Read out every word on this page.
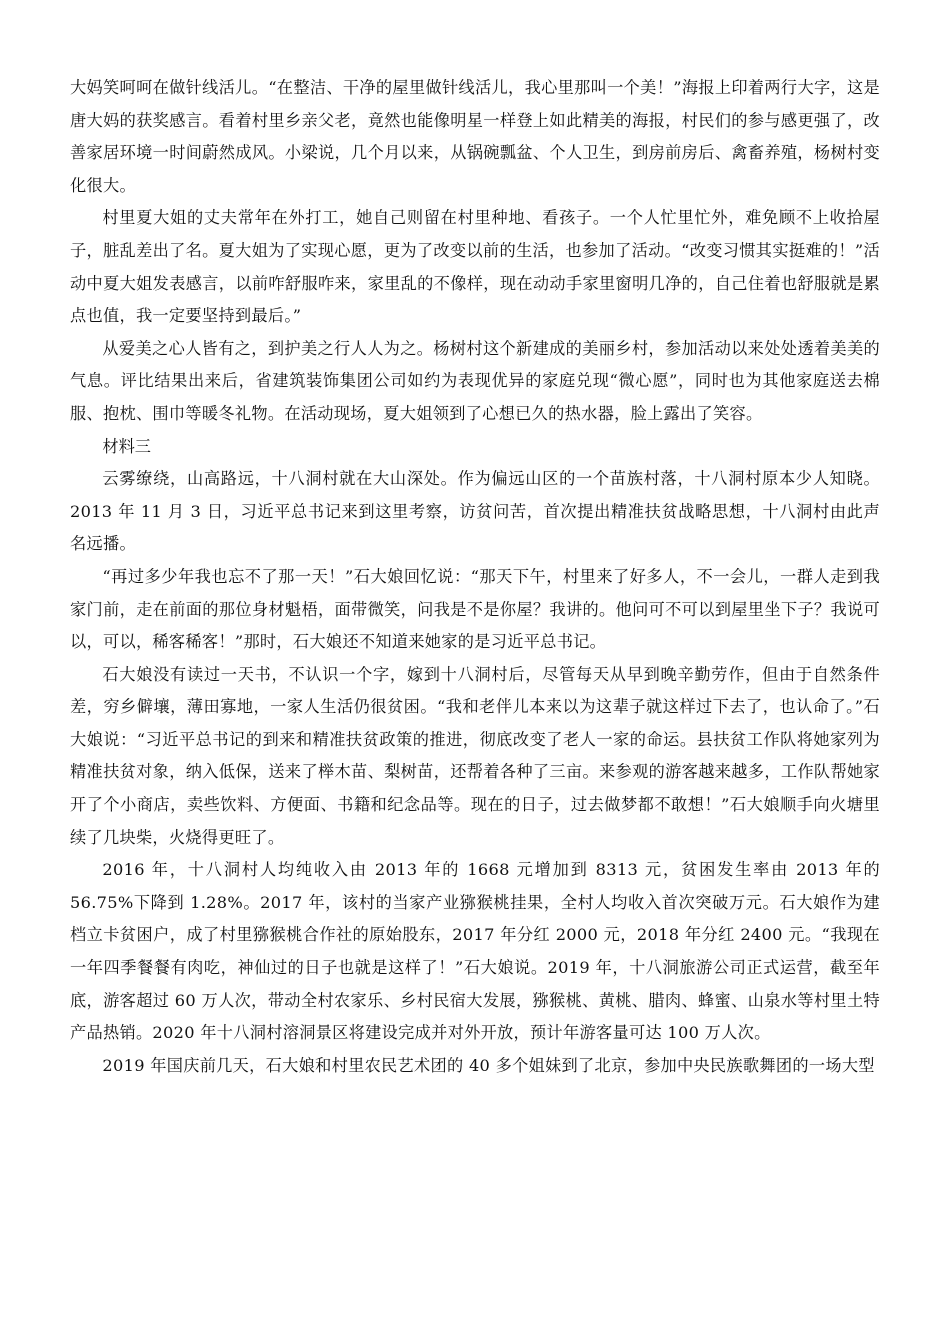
大妈笑呵呵在做针线活儿。“在整洁、干净的屋里做针线活儿，我心里那叫一个美！”海报上印着两行大字，这是唐大妈的获奖感言。看着村里乡亲父老，竟然也能像明星一样登上如此精美的海报，村民们的参与感更强了，改善家居环境一时间蔚然成风。小梁说，几个月以来，从锅碗瓢盆、个人卫生，到房前房后、禽畜养殖，杨树村变化很大。

村里夏大姐的丈夫常年在外打工，她自己则留在村里种地、看孩子。一个人忙里忙外，难免顾不上收拾屋子，脏乱差出了名。夏大姐为了实现心愿，更为了改变以前的生活，也参加了活动。“改变习惯其实挺难的！”活动中夏大姐发表感言，以前咋舒服咋来，家里乱的不像样，现在动动手家里窗明几净的，自己住着也舒服就是累点也值，我一定要坚持到最后。”

从爱美之心人皆有之，到护美之行人人为之。杨树村这个新建成的美丽乡村，参加活动以来处处透着美美的气息。评比结果出来后，省建筑装饰集团公司如约为表现优异的家庭兑现“微心愿”，同时也为其他家庭送去棉服、抱枕、围巾等暖冬礼物。在活动现场，夏大姐领到了心想已久的热水器，脸上露出了笑容。

材料三

云雾缭绕，山高路远，十八洞村就在大山深处。作为偏远山区的一个苗族村落，十八洞村原本少人知晓。2013 年 11 月 3 日，习近平总书记来到这里考察，访贫问苦，首次提出精准扶贫战略思想，十八洞村由此声名远播。

“再过多少年我也忘不了那一天！”石大娘回忆说：“那天下午，村里来了好多人，不一会儿，一群人走到我家门前，走在前面的那位身材魁梧，面带微笑，问我是不是你屋？我讲的。他问可不可以到屋里坐下子？我说可以，可以，稀客稀客！”那时，石大娘还不知道来她家的是习近平总书记。

石大娘没有读过一天书，不认识一个字，嫁到十八洞村后，尽管每天从早到晚辛勤劳作，但由于自然条件差，穷乡僻壤，薄田寡地，一家人生活仍很贫困。“我和老伴儿本来以为这辈子就这样过下去了，也认命了。”石大娘说：“习近平总书记的到来和精准扶贫政策的推进，彻底改变了老人一家的命运。县扶贫工作队将她家列为精准扶贫对象，纳入低保，送来了榉木苗、梨树苗，还帮着各种了三亩。来参观的游客越来越多，工作队帮她家开了个小商店，卖些饮料、方便面、书籍和纪念品等。现在的日子，过去做梦都不敢想！”石大娘顺手向火塘里续了几块柴，火烧得更旺了。

2016 年，十八洞村人均纯收入由 2013 年的 1668 元增加到 8313 元，贫困发生率由 2013 年的 56.75%下降到 1.28%。2017 年，该村的当家产业猕猴桃挂果，全村人均收入首次突破万元。石大娘作为建档立卡贫困户，成了村里猕猴桃合作社的原始股东，2017 年分红 2000 元，2018 年分红 2400 元。“我现在一年四季餐餐有肉吃，神仙过的日子也就是这样了！”石大娘说。2019 年，十八洞旅游公司正式运营，截至年底，游客超过 60 万人次，带动全村农家乐、乡村民宿大发展，猕猴桃、黄桃、腊肉、蜂蜜、山泉水等村里土特产品热销。2020 年十八洞村溶洞景区将建设完成并对外开放，预计年游客量可达 100 万人次。

2019 年国庆前几天，石大娘和村里农民艺术团的 40 多个姐妹到了北京，参加中央民族歌舞团的一场大型
